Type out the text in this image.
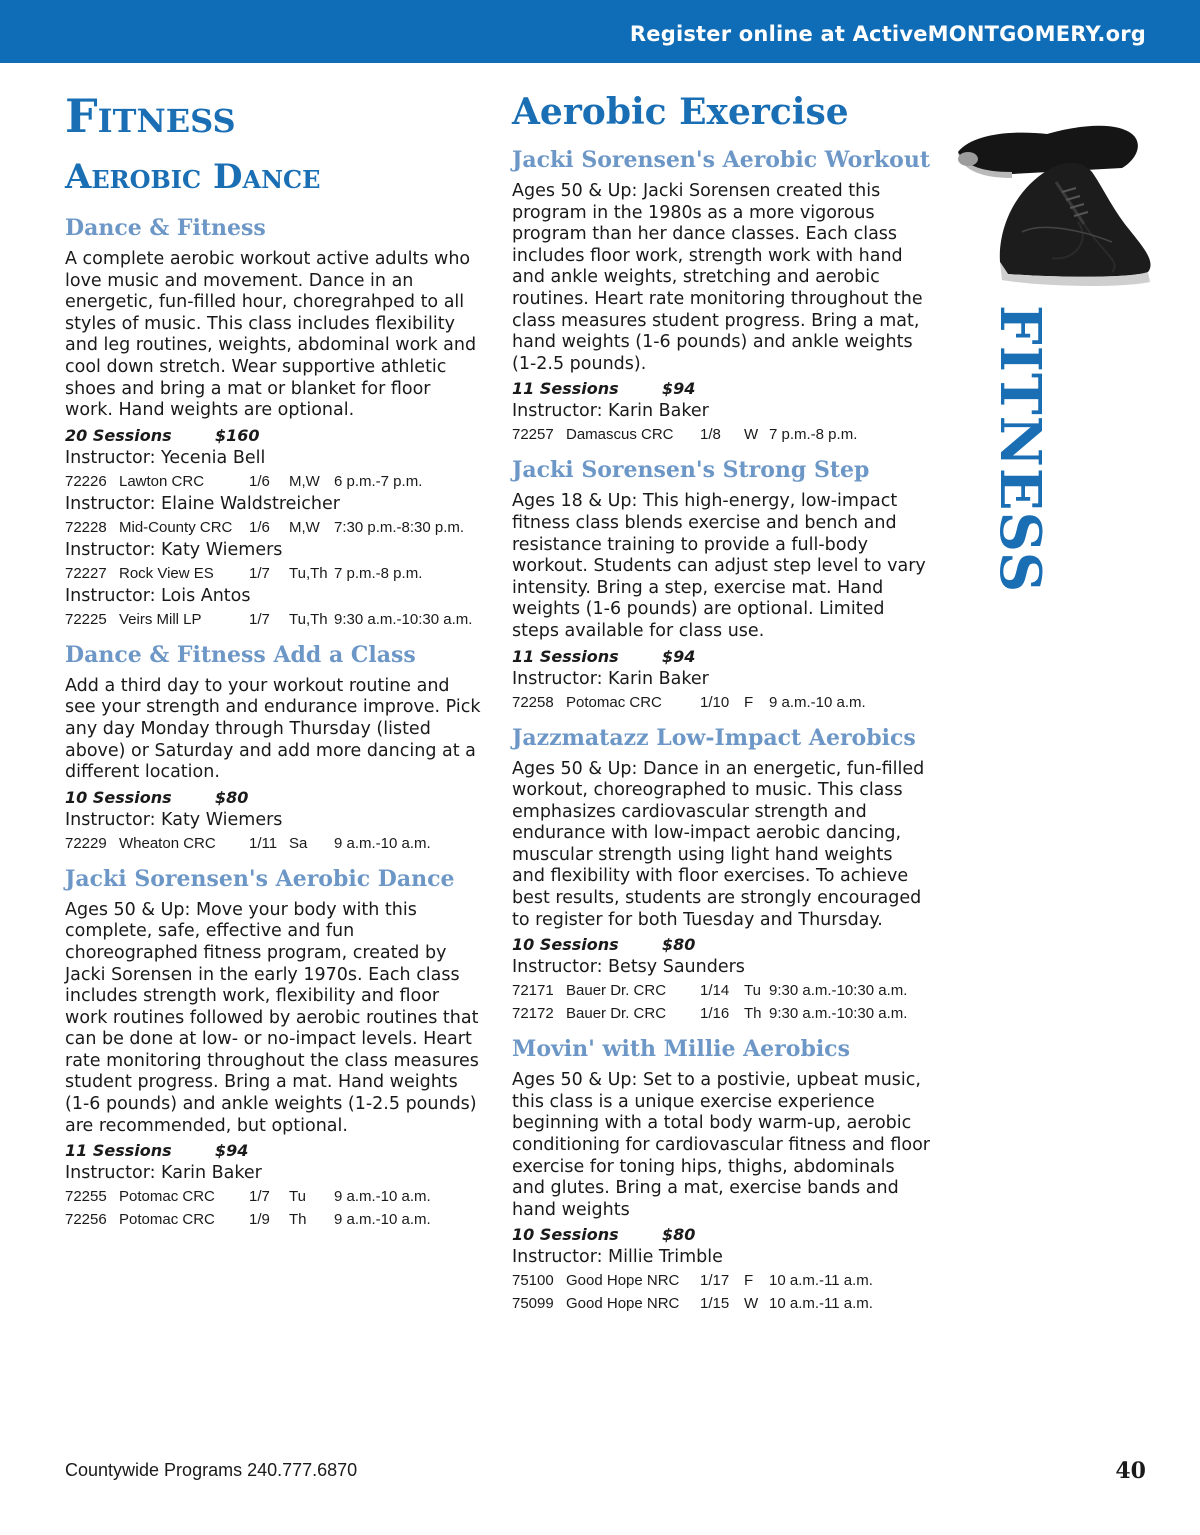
Register online at ActiveMONTGOMERY.org
Fitness
Aerobic Dance
Dance & Fitness

A complete aerobic workout active adults who love music and movement. Dance in an energetic, fun-filled hour, choregrahped to all styles of music. This class includes flexibility and leg routines, weights, abdominal work and cool down stretch. Wear supportive athletic shoes and bring a mat or blanket for floor work. Hand weights are optional.

20 Sessions	$160
Instructor: Yecenia Bell
72226 Lawton CRC	1/6 M,W 6 p.m.-7 p.m.
Instructor: Elaine Waldstreicher
72228 Mid-County CRC 1/6 M,W 7:30 p.m.-8:30 p.m.
Instructor: Katy Wiemers
72227 Rock View ES 1/7 Tu,Th 7 p.m.-8 p.m.
Instructor: Lois Antos
72225 Veirs Mill LP	1/7 Tu,Th 9:30 a.m.-10:30 a.m.
Dance & Fitness Add a Class

Add a third day to your workout routine and see your strength and endurance improve. Pick any day Monday through Thursday (listed above) or Saturday and add more dancing at a different location.

10 Sessions	$80
Instructor: Katy Wiemers
72229 Wheaton CRC 1/11 Sa 9 a.m.-10 a.m.
Jacki Sorensen's Aerobic Dance

Ages 50 & Up: Move your body with this complete, safe, effective and fun choreographed fitness program, created by Jacki Sorensen in the early 1970s. Each class includes strength work, flexibility and floor work routines followed by aerobic routines that can be done at low- or no-impact levels. Heart rate monitoring throughout the class measures student progress. Bring a mat. Hand weights (1-6 pounds) and ankle weights (1-2.5 pounds) are recommended, but optional.

11 Sessions	$94
Instructor: Karin Baker
72255 Potomac CRC 1/7 Tu 9 a.m.-10 a.m.
72256 Potomac CRC 1/9 Th 9 a.m.-10 a.m.
Aerobic Exercise
Jacki Sorensen's Aerobic Workout

Ages 50 & Up: Jacki Sorensen created this program in the 1980s as a more vigorous program than her dance classes. Each class includes floor work, strength work with hand and ankle weights, stretching and aerobic routines. Heart rate monitoring throughout the class measures student progress. Bring a mat, hand weights (1-6 pounds) and ankle weights (1-2.5 pounds).

11 Sessions	$94
Instructor: Karin Baker
72257 Damascus CRC 1/8 W 7 p.m.-8 p.m.
Jacki Sorensen's Strong Step

Ages 18 & Up: This high-energy, low-impact fitness class blends exercise and bench and resistance training to provide a full-body workout. Students can adjust step level to vary intensity. Bring a step, exercise mat. Hand weights (1-6 pounds) are optional. Limited steps available for class use.

11 Sessions	$94
Instructor: Karin Baker
72258 Potomac CRC	1/10 F 9 a.m.-10 a.m.
Jazzmatazz Low-Impact Aerobics

Ages 50 & Up: Dance in an energetic, fun-filled workout, choreographed to music. This class emphasizes cardiovascular strength and endurance with low-impact aerobic dancing, muscular strength using light hand weights and flexibility with floor exercises. To achieve best results, students are strongly encouraged to register for both Tuesday and Thursday.

10 Sessions	$80
Instructor: Betsy Saunders
72171 Bauer Dr. CRC 1/14 Tu 9:30 a.m.-10:30 a.m.
72172 Bauer Dr. CRC 1/16 Th 9:30 a.m.-10:30 a.m.
Movin' with Millie Aerobics

Ages 50 & Up: Set to a postivie, upbeat music, this class is a unique exercise experience beginning with a total body warm-up, aerobic conditioning for cardiovascular fitness and floor exercise for toning hips, thighs, abdominals and glutes. Bring a mat, exercise bands and hand weights

10 Sessions	$80
Instructor: Millie Trimble
75100 Good Hope NRC 1/17 F 10 a.m.-11 a.m.
75099 Good Hope NRC 1/15 W 10 a.m.-11 a.m.
FITNESS
Countywide Programs 240.777.6870	40
